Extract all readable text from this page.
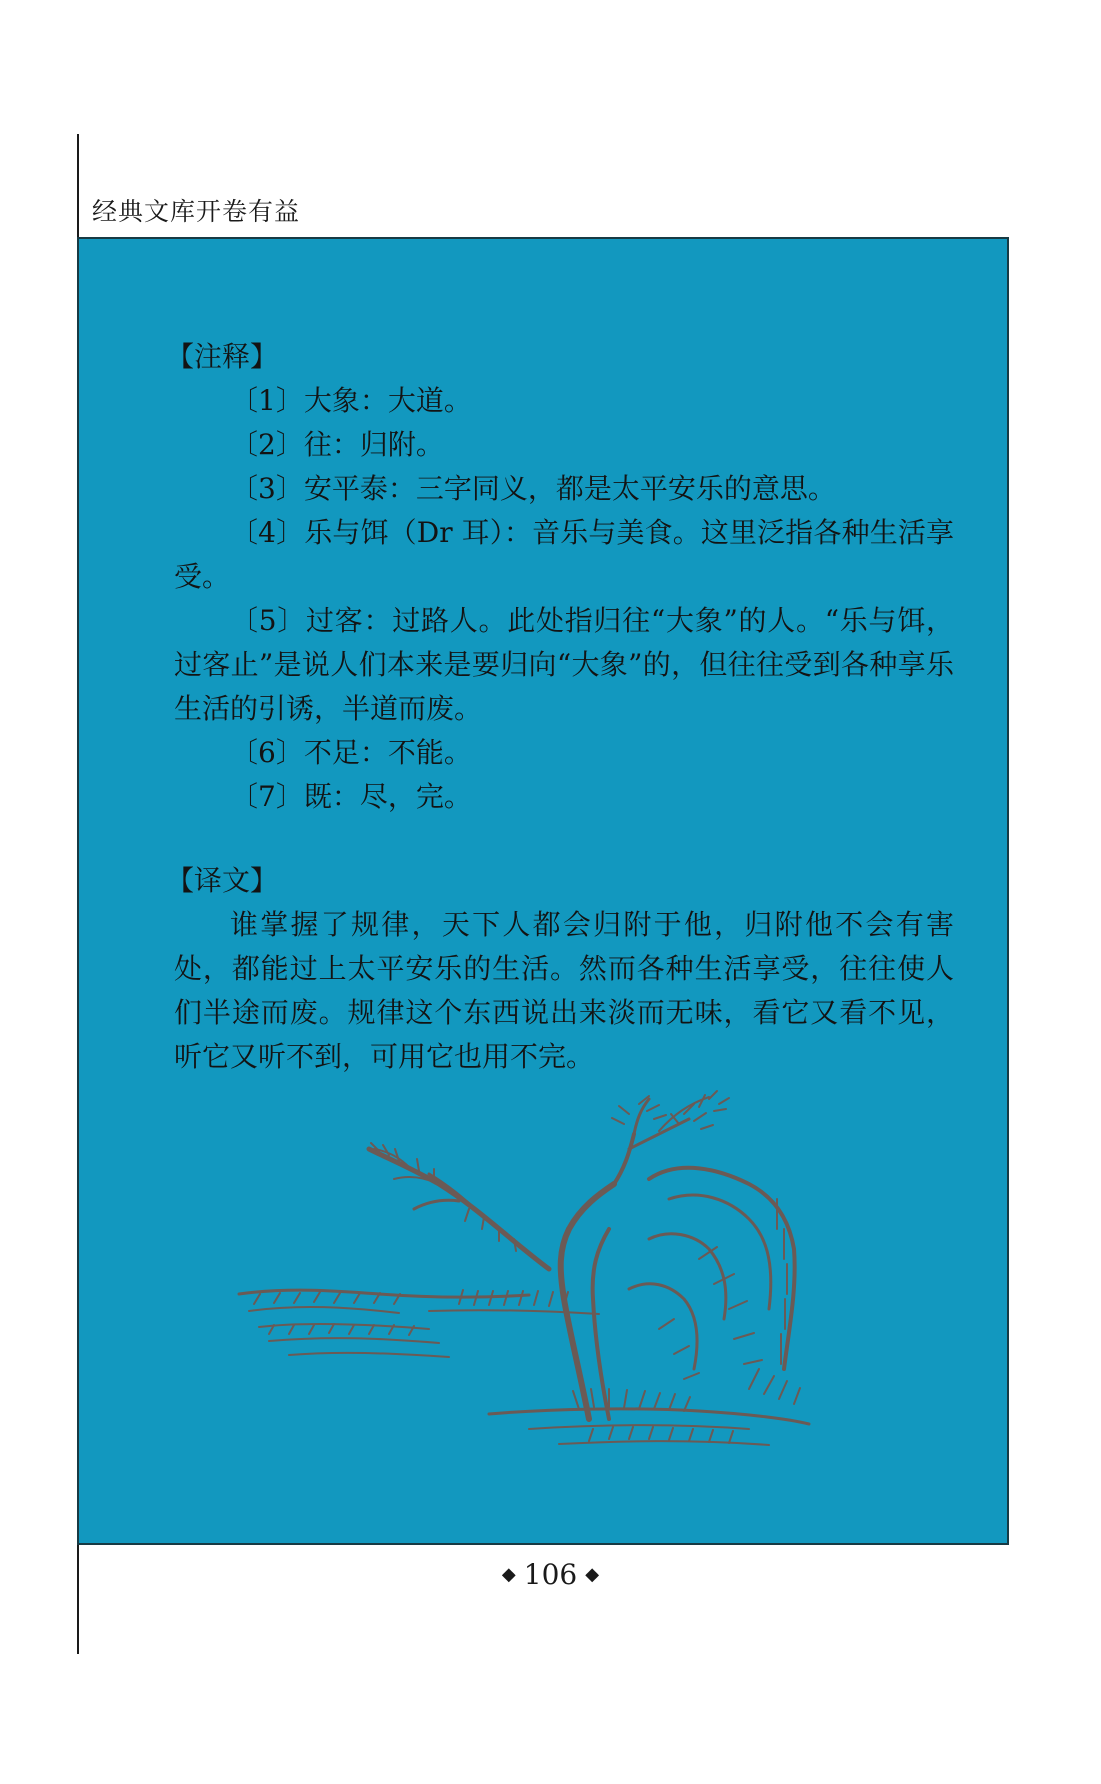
经典文库开卷有益

【注释】

〔1〕大象：大道。

〔2〕往：归附。

〔3〕安平泰：三字同义，都是太平安乐的意思。

〔4〕乐与饵（Dr 耳）：音乐与美食。这里泛指各种生活享受。

〔5〕过客：过路人。此处指归往“大象”的人。“乐与饵，过客止”是说人们本来是要归向“大象”的，但往往受到各种享乐生活的引诱，半道而废。

〔6〕不足：不能。

〔7〕既：尽，完。

【译文】

谁掌握了规律，天下人都会归附于他，归附他不会有害处，都能过上太平安乐的生活。然而各种生活享受，往往使人们半途而废。规律这个东西说出来淡而无味，看它又看不见，听它又听不到，可用它也用不完。

◆ 106 ◆
